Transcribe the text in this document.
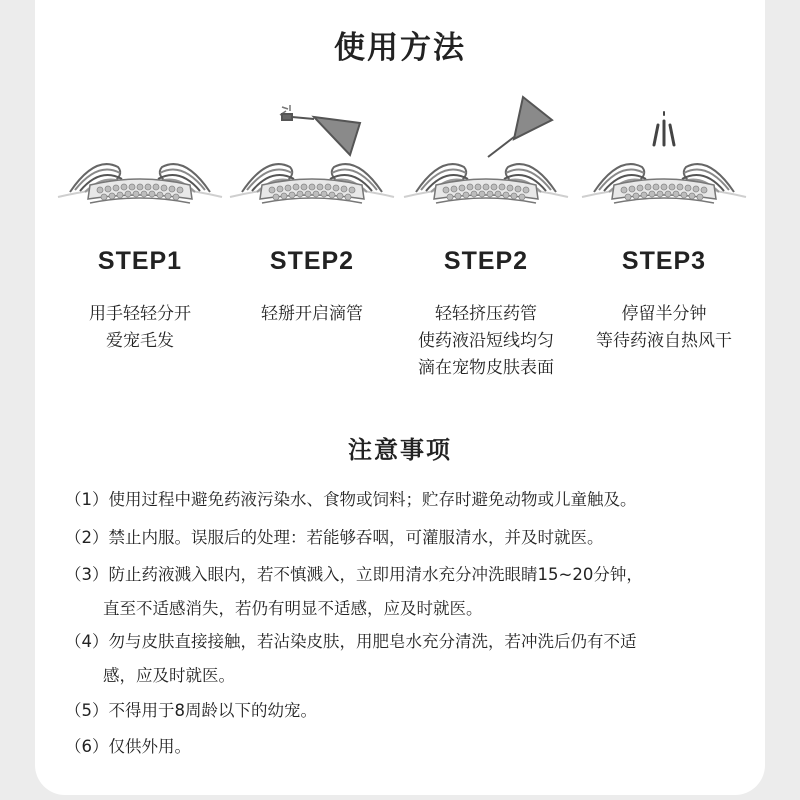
使用方法
STEP1
用手轻轻分开
爱宠毛发
STEP2
轻掰开启滴管
STEP2
轻轻挤压药管
使药液沿短线均匀
滴在宠物皮肤表面
STEP3
停留半分钟
等待药液自热风干
注意事项
（1）使用过程中避免药液污染水、食物或饲料；贮存时避免动物或儿童触及。
（2）禁止内服。误服后的处理：若能够吞咽，可灌服清水，并及时就医。
（3）防止药液溅入眼内，若不慎溅入，立即用清水充分冲洗眼睛15~20分钟，
直至不适感消失，若仍有明显不适感，应及时就医。
（4）勿与皮肤直接接触，若沾染皮肤，用肥皂水充分清洗，若冲洗后仍有不适
感，应及时就医。
（5）不得用于8周龄以下的幼宠。
（6）仅供外用。
